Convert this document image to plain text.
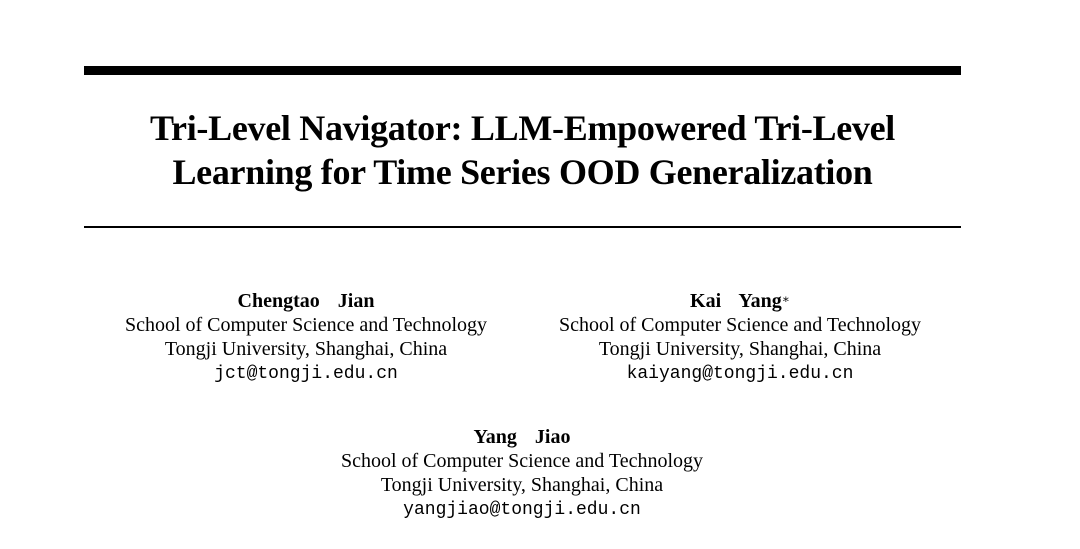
Tri-Level Navigator: LLM-Empowered Tri-Level
Learning for Time Series OOD Generalization
Chengtao  Jian
School of Computer Science and Technology
Tongji University, Shanghai, China
jct@tongji.edu.cn
Kai  Yang∗
School of Computer Science and Technology
Tongji University, Shanghai, China
kaiyang@tongji.edu.cn
Yang  Jiao
School of Computer Science and Technology
Tongji University, Shanghai, China
yangjiao@tongji.edu.cn
